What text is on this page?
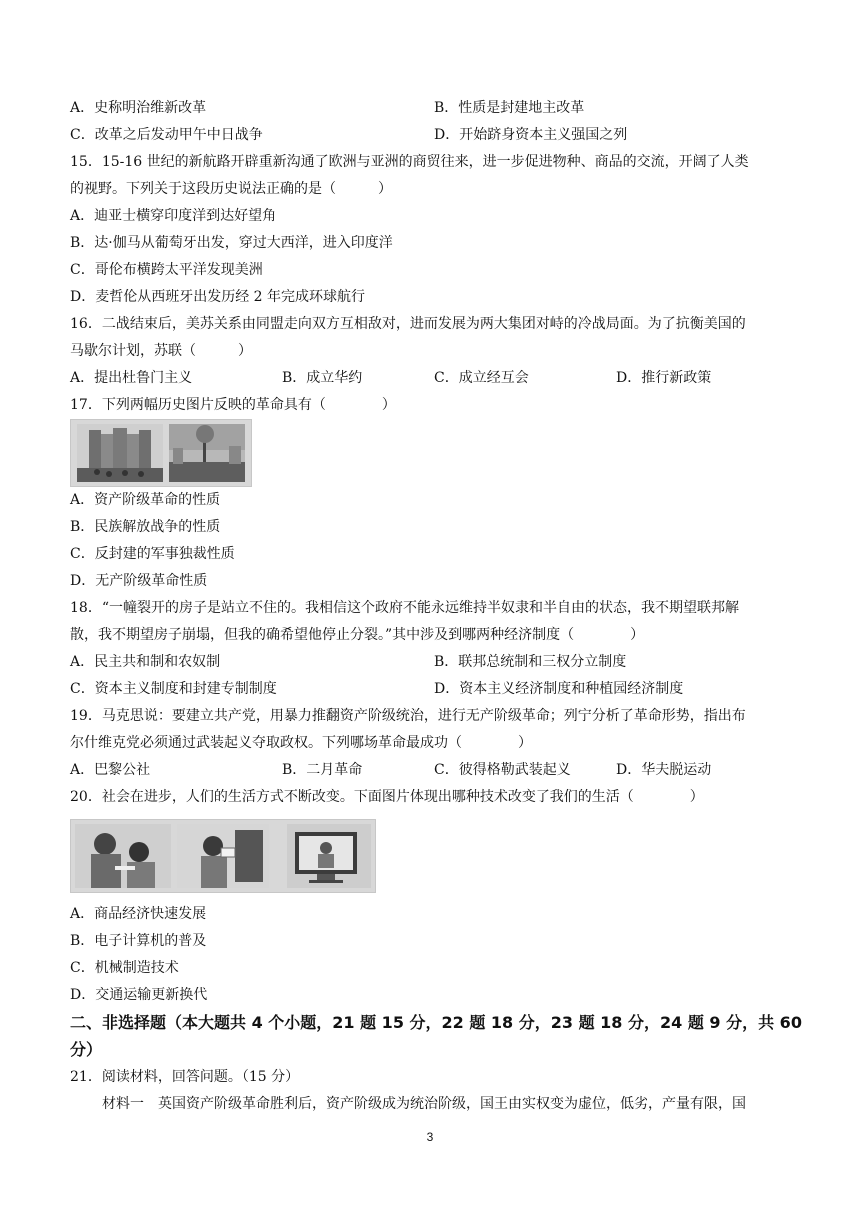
A．史称明治维新改革	B．性质是封建地主改革
C．改革之后发动甲午中日战争	D．开始跻身资本主义强国之列
15．15-16 世纪的新航路开辟重新沟通了欧洲与亚洲的商贸往来，进一步促进物种、商品的交流，开阔了人类
的视野。下列关于这段历史说法正确的是（　　　）
A．迪亚士横穿印度洋到达好望角
B．达·伽马从葡萄牙出发，穿过大西洋，进入印度洋
C．哥伦布横跨太平洋发现美洲
D．麦哲伦从西班牙出发历经 2 年完成环球航行
16．二战结束后，美苏关系由同盟走向双方互相敌对，进而发展为两大集团对峙的冷战局面。为了抗衡美国的
马歇尔计划，苏联（　　　）
A．提出杜鲁门主义	B．成立华约	C．成立经互会	D．推行新政策
17．下列两幅历史图片反映的革命具有（　　　　）
A．资产阶级革命的性质
B．民族解放战争的性质
C．反封建的军事独裁性质
D．无产阶级革命性质
18．“一幢裂开的房子是站立不住的。我相信这个政府不能永远维持半奴隶和半自由的状态，我不期望联邦解
散，我不期望房子崩塌，但我的确希望他停止分裂。”其中涉及到哪两种经济制度（　　　　）
A．民主共和制和农奴制	B．联邦总统制和三权分立制度
C．资本主义制度和封建专制制度	D．资本主义经济制度和种植园经济制度
19．马克思说：要建立共产党，用暴力推翻资产阶级统治，进行无产阶级革命；列宁分析了革命形势，指出布
尔什维克党必须通过武装起义夺取政权。下列哪场革命最成功（　　　　）
A．巴黎公社	B．二月革命	C．彼得格勒武装起义	D．华夫脱运动
20．社会在进步，人们的生活方式不断改变。下面图片体现出哪种技术改变了我们的生活（　　　　）
A．商品经济快速发展
B．电子计算机的普及
C．机械制造技术
D．交通运输更新换代
二、非选择题（本大题共 4 个小题，21 题 15 分，22 题 18 分，23 题 18 分，24 题 9 分，共 60
分）
21．阅读材料，回答问题。（15 分）
材料一　英国资产阶级革命胜利后，资产阶级成为统治阶级，国王由实权变为虚位，低劣，产量有限，国
3
